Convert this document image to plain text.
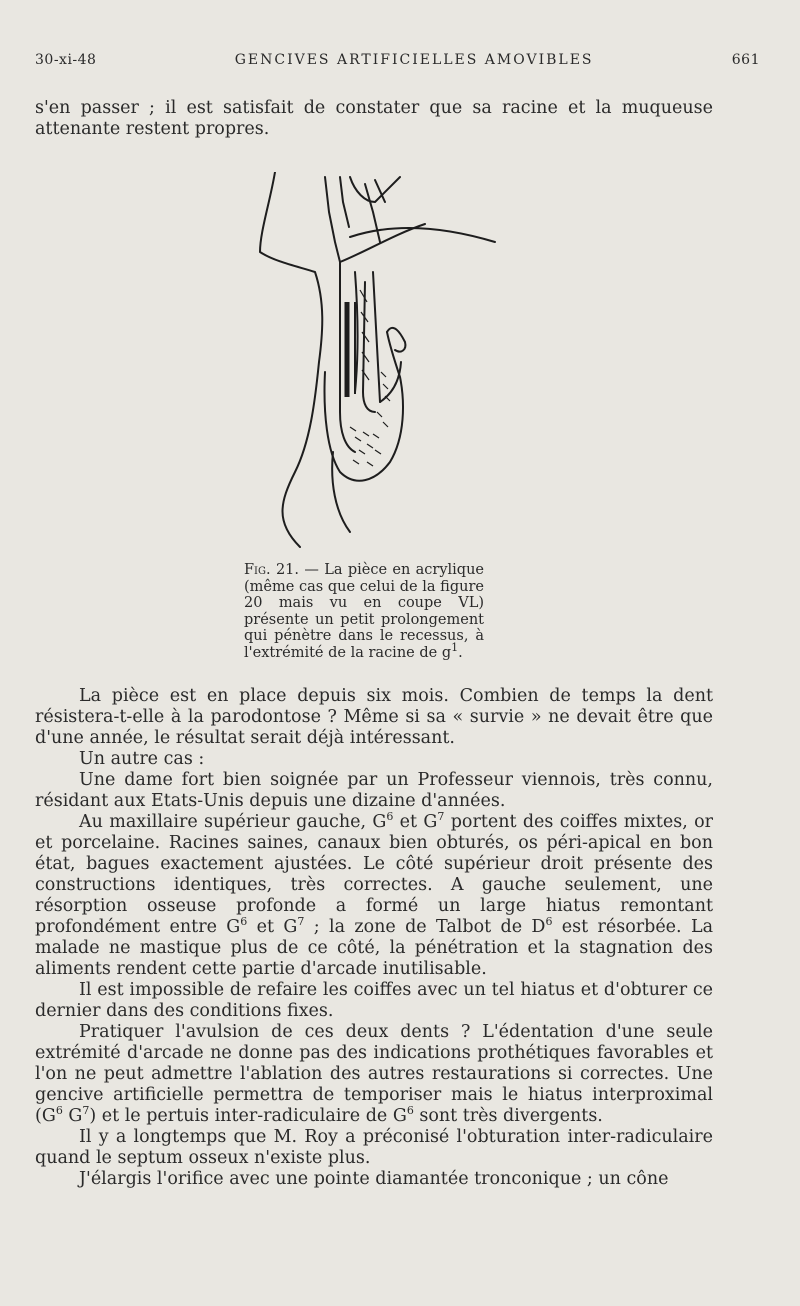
30-xi-48	GENCIVES ARTIFICIELLES AMOVIBLES	661

s'en passer ; il est satisfait de constater que sa racine et la muqueuse attenante restent propres.

Fig. 21. — La pièce en acrylique (même cas que celui de la figure 20 mais vu en coupe VL) présente un petit prolongement qui pénètre dans le recessus, à l'extrémité de la racine de $g^1$.

La pièce est en place depuis six mois. Combien de temps la dent résistera-t-elle à la parodontose ? Même si sa « survie » ne devait être que d'une année, le résultat serait déjà intéressant.

Un autre cas :

Une dame fort bien soignée par un Professeur viennois, très connu, résidant aux Etats-Unis depuis une dizaine d'années.

Au maxillaire supérieur gauche, $G^6$ et $G^7$ portent des coiffes mixtes, or et porcelaine. Racines saines, canaux bien obturés, os péri-apical en bon état, bagues exactement ajustées. Le côté supérieur droit présente des constructions identiques, très correctes. A gauche seulement, une résorption osseuse profonde a formé un large hiatus remontant profondément entre $G^6$ et $G^7$ ; la zone de Talbot de $D^6$ est résorbée. La malade ne mastique plus de ce côté, la pénétration et la stagnation des aliments rendent cette partie d'arcade inutilisable.

Il est impossible de refaire les coiffes avec un tel hiatus et d'obturer ce dernier dans des conditions fixes.

Pratiquer l'avulsion de ces deux dents ? L'édentation d'une seule extrémité d'arcade ne donne pas des indications prothétiques favorables et l'on ne peut admettre l'ablation des autres restaurations si correctes. Une gencive artificielle permettra de temporiser mais le hiatus interproximal ($G^6$ $G^7$) et le pertuis inter-radiculaire de $G^6$ sont très divergents.

Il y a longtemps que M. Roy a préconisé l'obturation inter-radiculaire quand le septum osseux n'existe plus.

J'élargis l'orifice avec une pointe diamantée tronconique ; un cône
